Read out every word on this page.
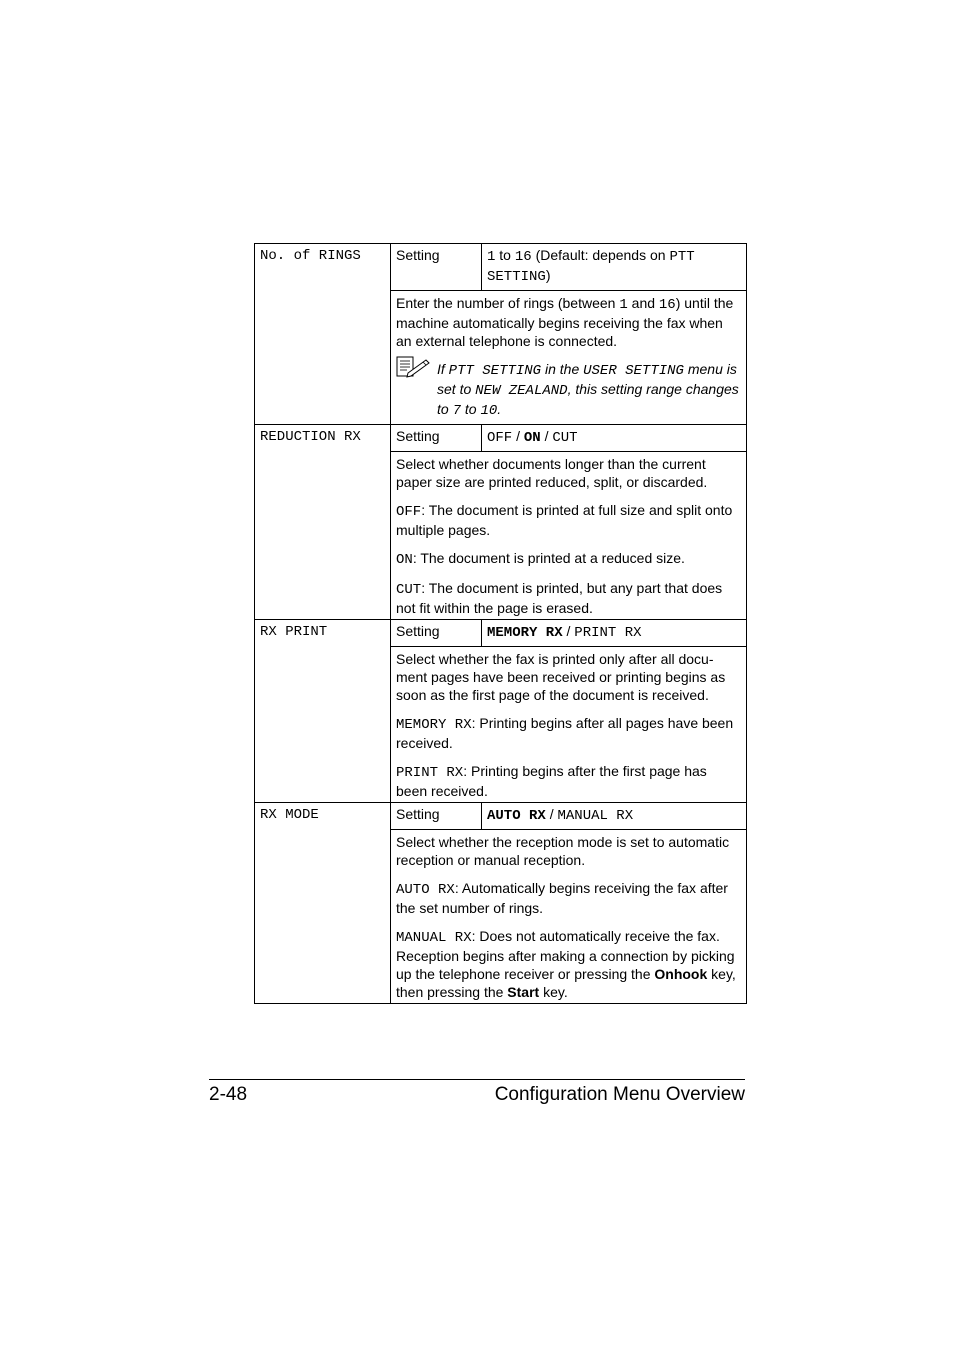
No. of RINGS	Setting	1 to 16 (Default: depends on PTT SETTING)

	Enter the number of rings (between 1 and 16) until the machine automatically begins receiving the fax when an external telephone is connected.

If PTT SETTING in the USER SETTING menu is set to NEW ZEALAND, this setting range changes to 7 to 10.	

REDUCTION RX	Setting	OFF / ON / CUT

	Select whether documents longer than the current paper size are printed reduced, split, or discarded.

OFF: The document is printed at full size and split onto multiple pages.

ON: The document is printed at a reduced size.

CUT: The document is printed, but any part that does not fit within the page is erased.	

RX PRINT	Setting	MEMORY RX / PRINT RX

	Select whether the fax is printed only after all docu-ment pages have been received or printing begins as soon as the first page of the document is received.

MEMORY RX: Printing begins after all pages have been received.

PRINT RX: Printing begins after the first page has been received.	

RX MODE	Setting	AUTO RX / MANUAL RX

	Select whether the reception mode is set to automatic reception or manual reception.

AUTO RX: Automatically begins receiving the fax after the set number of rings.

MANUAL RX: Does not automatically receive the fax. Reception begins after making a connection by picking up the telephone receiver or pressing the Onhook key, then pressing the Start key.	

2-48	Configuration Menu Overview
